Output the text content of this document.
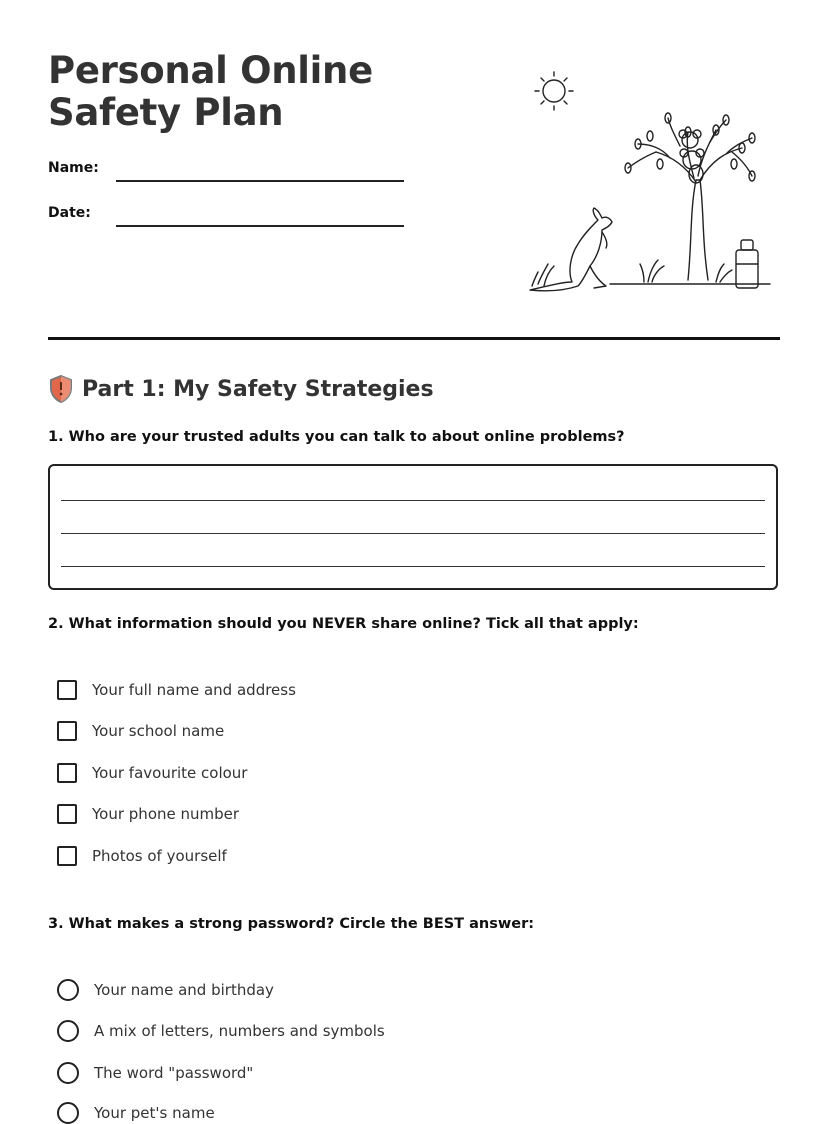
Personal Online Safety Plan
Name:
Date:
Part 1: My Safety Strategies
1. Who are your trusted adults you can talk to about online problems?
2. What information should you NEVER share online? Tick all that apply:
Your full name and address
Your school name
Your favourite colour
Your phone number
Photos of yourself
3. What makes a strong password? Circle the BEST answer:
Your name and birthday
A mix of letters, numbers and symbols
The word "password"
Your pet's name
